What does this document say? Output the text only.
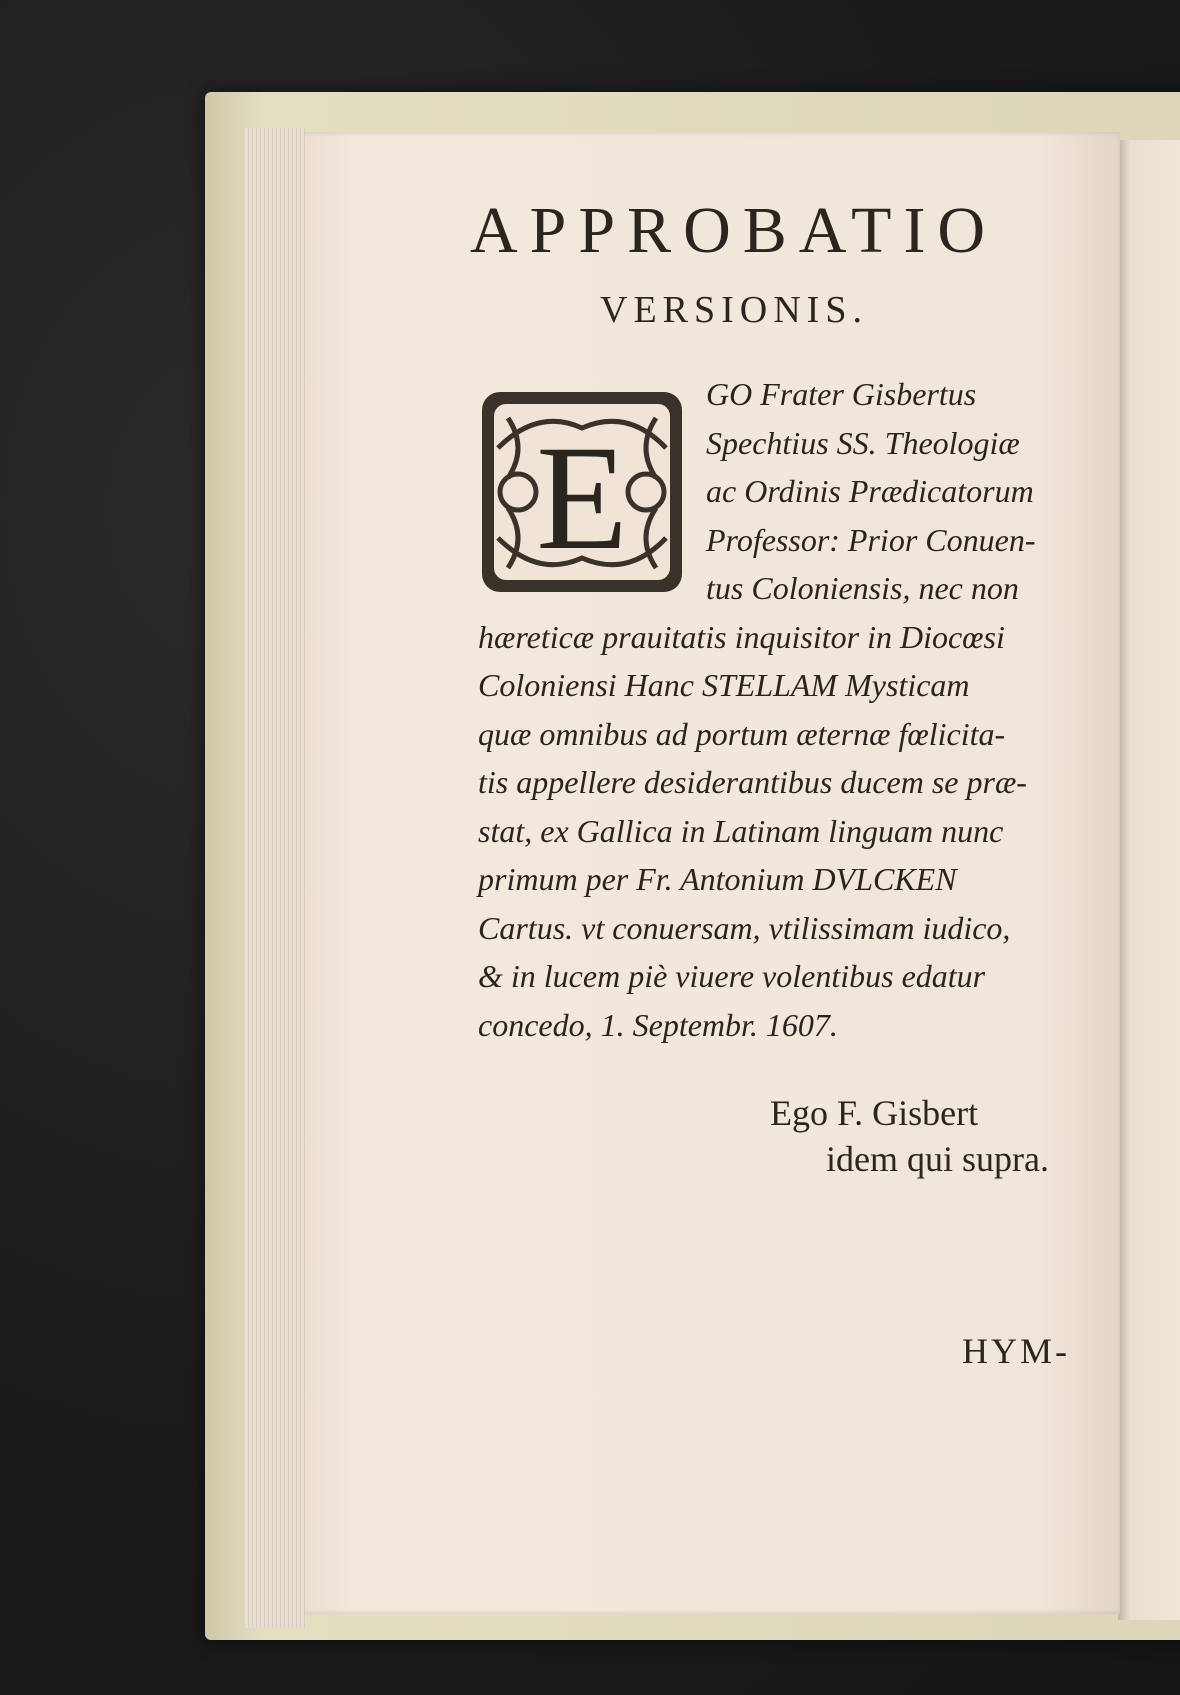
APPROBATIO
VERSIONIS.
E
GO Frater Gisbertus
Spechtius SS. Theologiæ
ac Ordinis Prædicatorum
Professor: Prior Conuen-
tus Coloniensis, nec non
hæreticæ prauitatis inquisitor in Diocœsi
Coloniensi Hanc STELLAM Mysticam
quæ omnibus ad portum æternæ fœlicita-
tis appellere desiderantibus ducem se præ-
stat, ex Gallica in Latinam linguam nunc
primum per Fr. Antonium DVLCKEN
Cartus. vt conuersam, vtilissimam iudico,
& in lucem piè viuere volentibus edatur
concedo, 1. Septembr. 1607.
Ego F. Gisbert
idem qui supra.
HYM-
